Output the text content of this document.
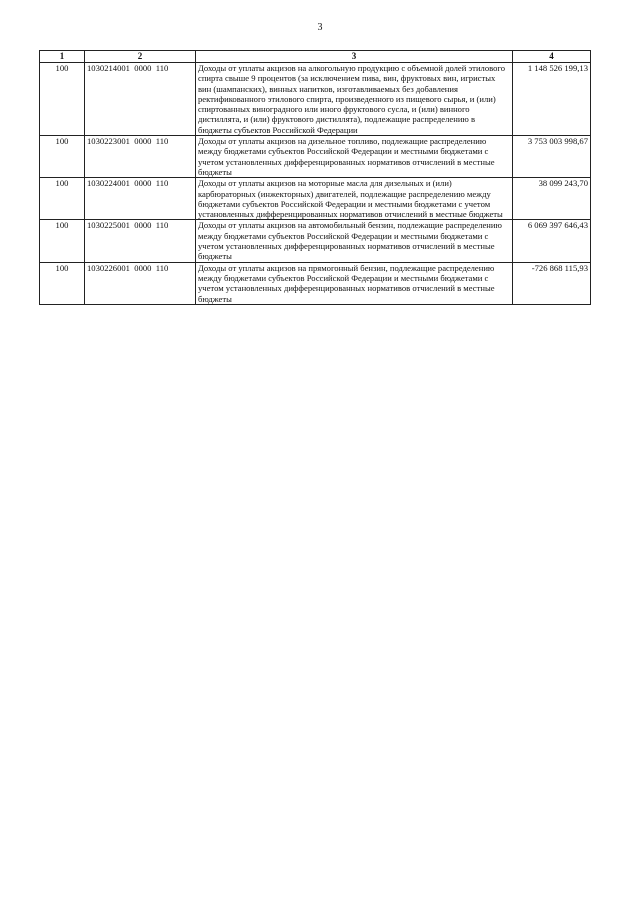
3
1	2	3	4
100	1030214001  0000  110	Доходы от уплаты акцизов на алкогольную продукцию с объемной долей этилового спирта свыше 9 процентов (за исключением пива, вин, фруктовых вин, игристых вин (шампанских), винных напитков, изготавливаемых без добавления ректификованного этилового спирта, произведенного из пищевого сырья, и (или) спиртованных виноградного или иного фруктового сусла, и (или) винного дистиллята, и (или) фруктового дистиллята), подлежащие распределению в бюджеты субъектов Российской Федерации	1 148 526 199,13
100	1030223001  0000  110	Доходы от уплаты акцизов на дизельное топливо, подлежащие распределению между бюджетами субъектов Российской Федерации и местными бюджетами с учетом установленных дифференцированных нормативов отчислений в местные бюджеты	3 753 003 998,67
100	1030224001  0000  110	Доходы от уплаты акцизов на моторные масла для дизельных и (или) карбюраторных (инжекторных) двигателей, подлежащие распределению между бюджетами субъектов Российской Федерации и местными бюджетами с учетом установленных дифференцированных нормативов отчислений в местные бюджеты	38 099 243,70
100	1030225001  0000  110	Доходы от уплаты акцизов на автомобильный бензин, подлежащие распределению между бюджетами субъектов Российской Федерации и местными бюджетами с учетом установленных дифференцированных нормативов отчислений в местные бюджеты	6 069 397 646,43
100	1030226001  0000  110	Доходы от уплаты акцизов на прямогонный бензин, подлежащие распределению между бюджетами субъектов Российской Федерации и местными бюджетами с учетом установленных дифференцированных нормативов отчислений в местные бюджеты	-726 868 115,93
